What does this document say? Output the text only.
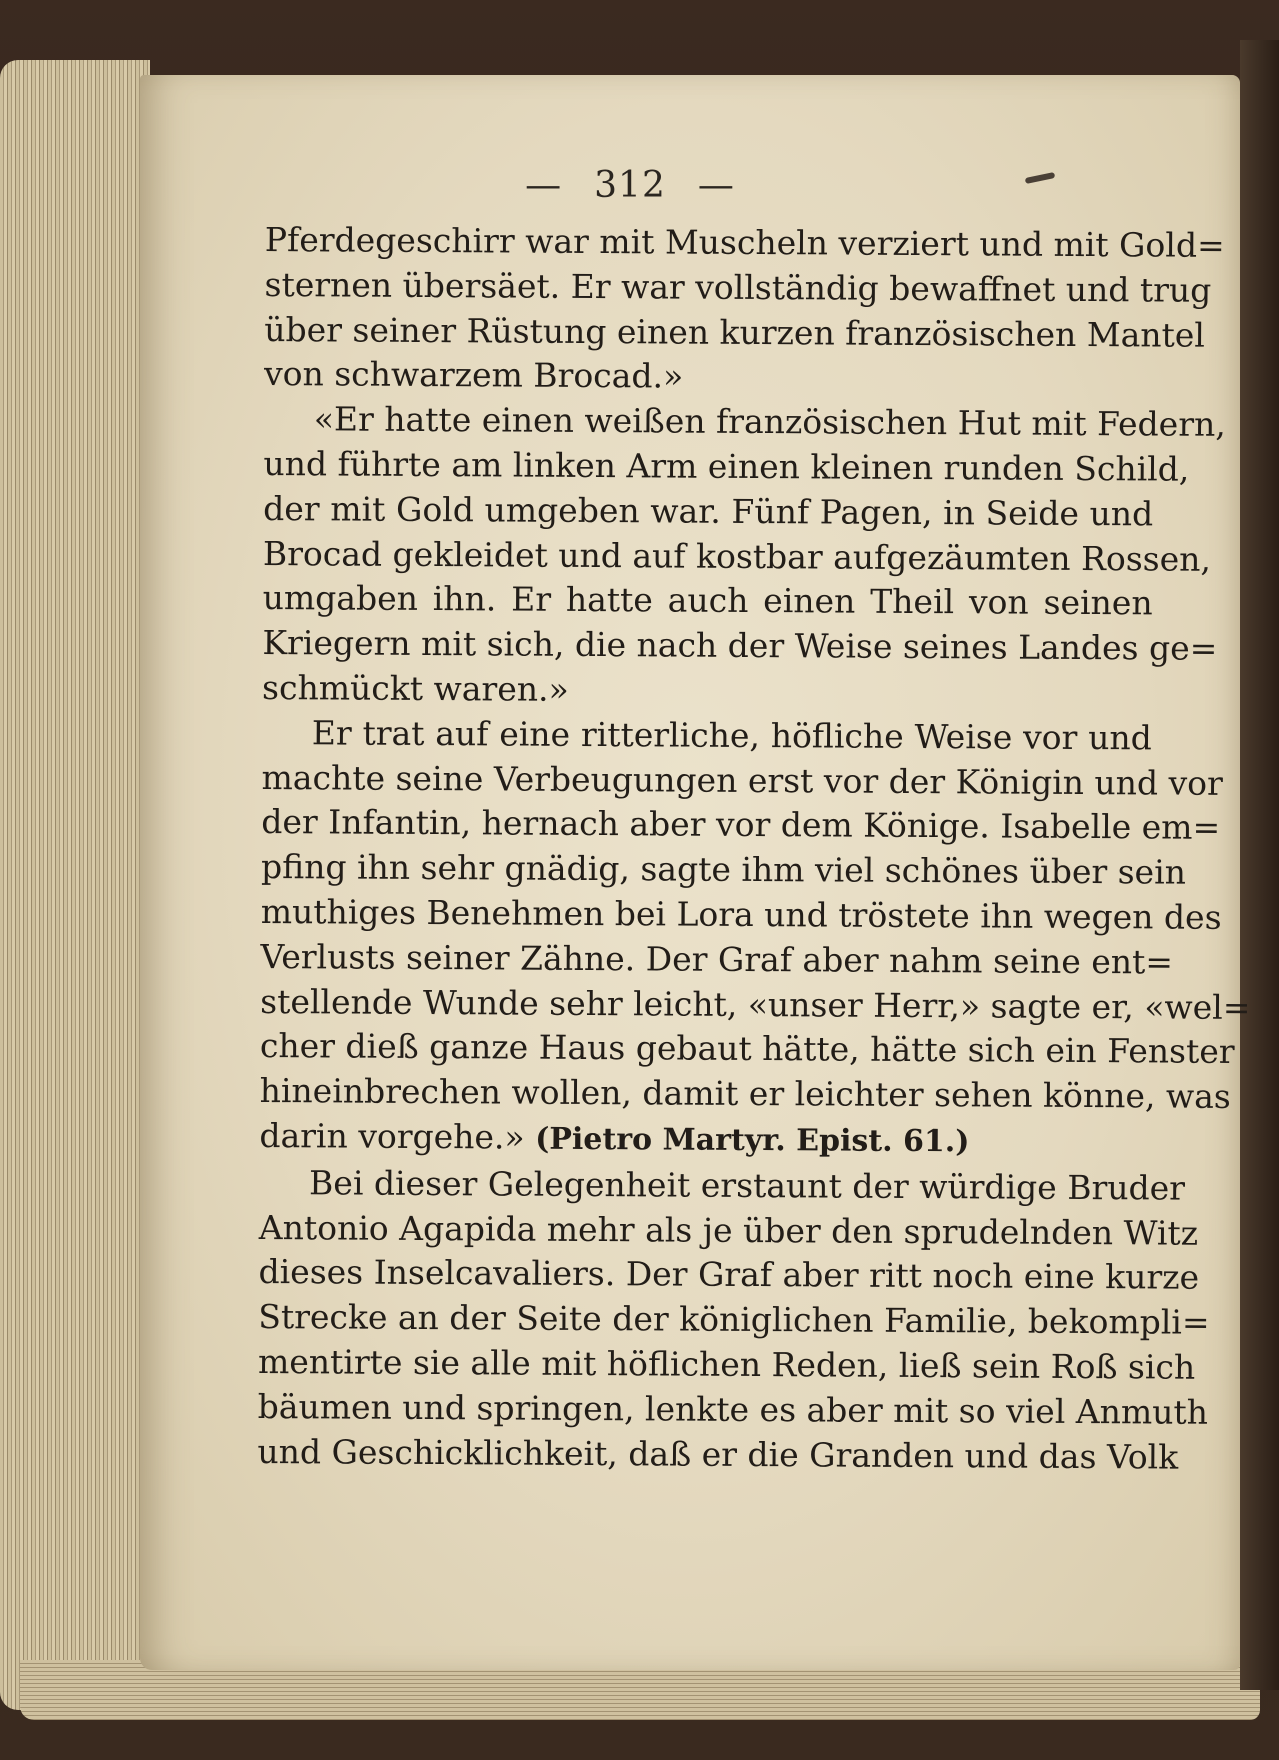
— 312 —
Pferdegeschirr war mit Muscheln verziert und mit Gold=
sternen übersäet. Er war vollständig bewaffnet und trug
über seiner Rüstung einen kurzen französischen Mantel
von schwarzem Brocad.»
«Er hatte einen weißen französischen Hut mit Federn,
und führte am linken Arm einen kleinen runden Schild,
der mit Gold umgeben war. Fünf Pagen, in Seide und
Brocad gekleidet und auf kostbar aufgezäumten Rossen,
umgaben ihn. Er hatte auch einen Theil von seinen
Kriegern mit sich, die nach der Weise seines Landes ge=
schmückt waren.»
Er trat auf eine ritterliche, höfliche Weise vor und
machte seine Verbeugungen erst vor der Königin und vor
der Infantin, hernach aber vor dem Könige. Isabelle em=
pfing ihn sehr gnädig, sagte ihm viel schönes über sein
muthiges Benehmen bei Lora und tröstete ihn wegen des
Verlusts seiner Zähne. Der Graf aber nahm seine ent=
stellende Wunde sehr leicht, «unser Herr,» sagte er, «wel=
cher dieß ganze Haus gebaut hätte, hätte sich ein Fenster
hineinbrechen wollen, damit er leichter sehen könne, was
darin vorgehe.» (Pietro Martyr. Epist. 61.)
Bei dieser Gelegenheit erstaunt der würdige Bruder
Antonio Agapida mehr als je über den sprudelnden Witz
dieses Inselcavaliers. Der Graf aber ritt noch eine kurze
Strecke an der Seite der königlichen Familie, bekompli=
mentirte sie alle mit höflichen Reden, ließ sein Roß sich
bäumen und springen, lenkte es aber mit so viel Anmuth
und Geschicklichkeit, daß er die Granden und das Volk
